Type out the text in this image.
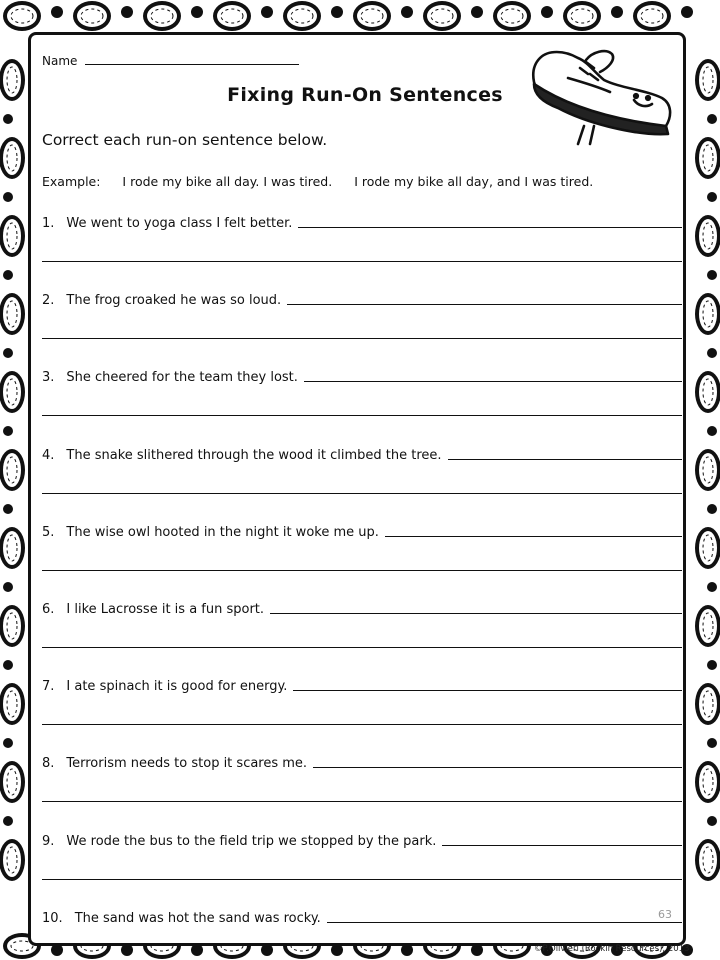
Name
Fixing Run-On Sentences
Correct each run-on sentence below.
Example: I rode my bike all day. I was tired. I rode my bike all day, and I was tired.
1. We went to yoga class I felt better.
2. The frog croaked he was so loud.
3. She cheered for the team they lost.
4. The snake slithered through the wood it climbed the tree.
5. The wise owl hooted in the night it woke me up.
6. I like Lacrosse it is a fun sport.
7. I ate spinach it is good for energy.
8. Terrorism needs to stop it scares me.
9. We rode the bus to the field trip we stopped by the park.
10. The sand was hot the sand was rocky.	63
©P.Olivieri (Rockin Resources), 2013
